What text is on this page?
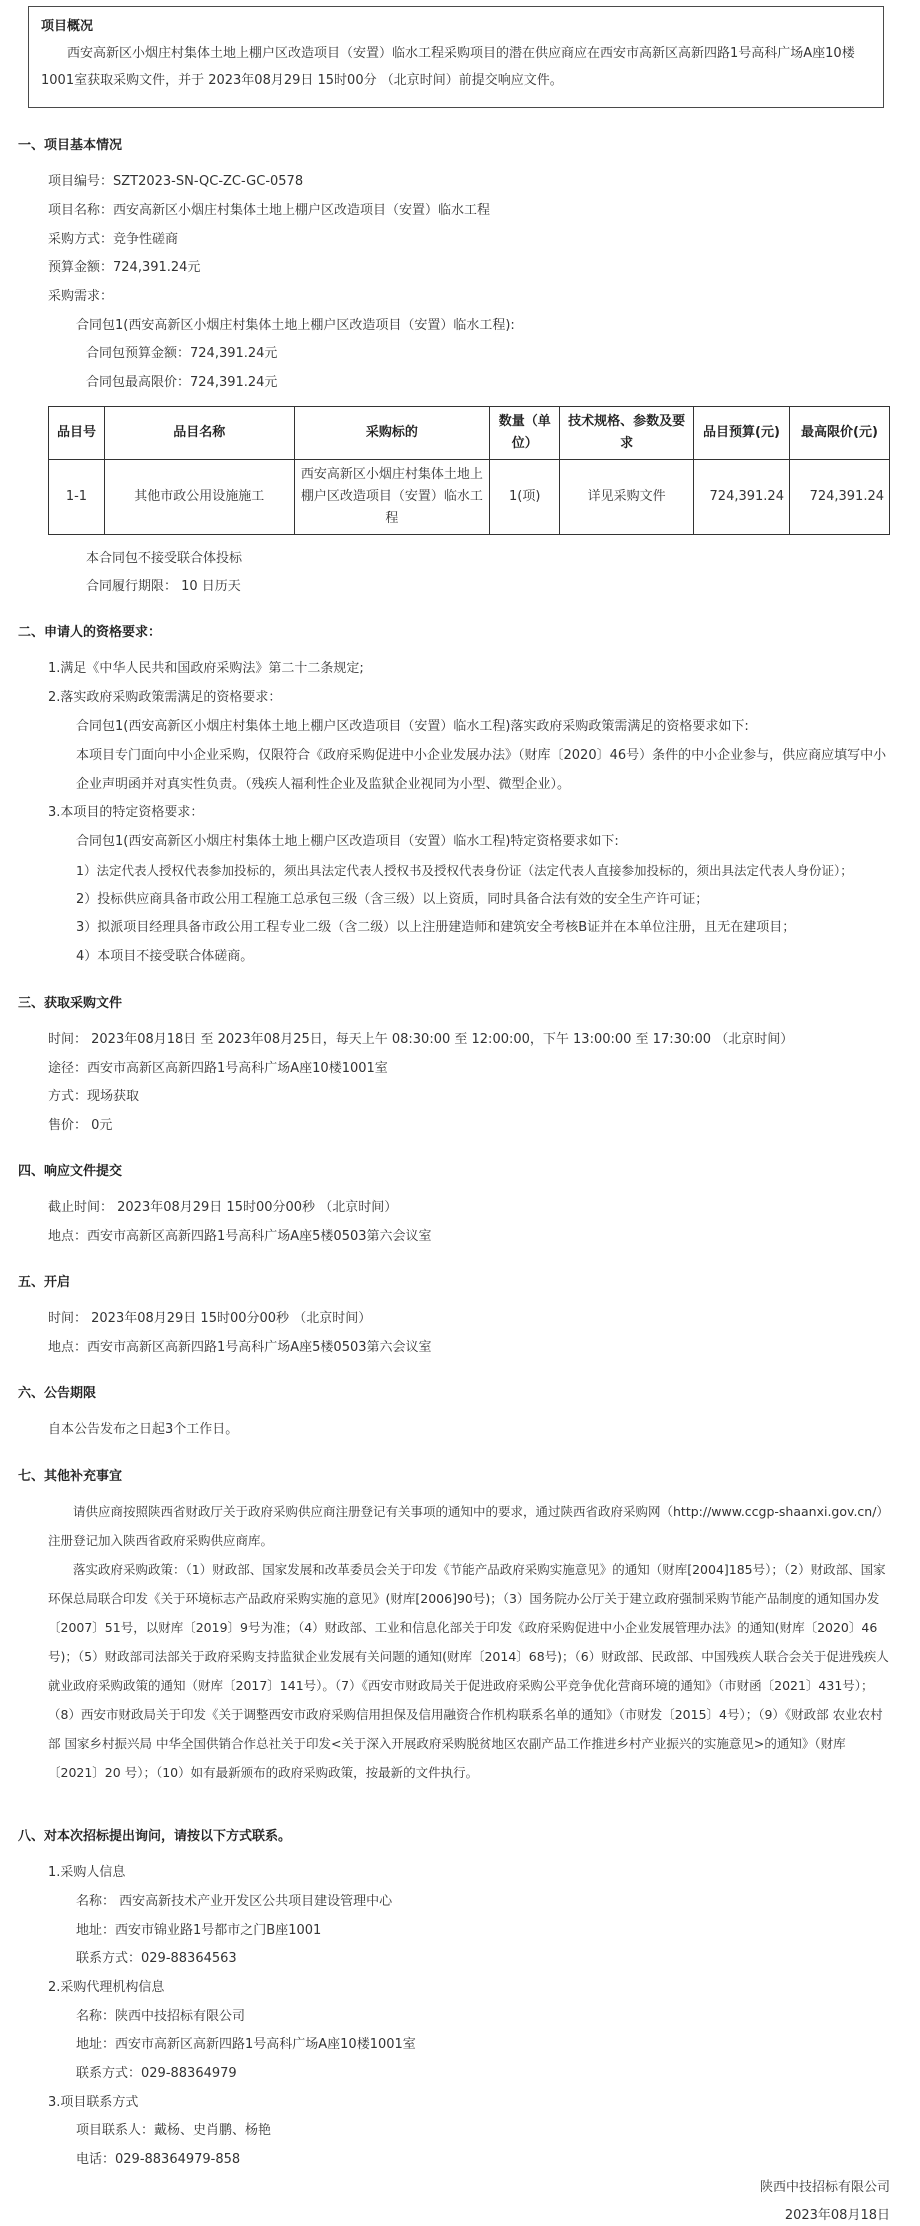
项目概况
西安高新区小烟庄村集体土地上棚户区改造项目（安置）临水工程采购项目的潜在供应商应在西安市高新区高新四路1号高科广场A座10楼1001室获取采购文件，并于 2023年08月29日 15时00分 （北京时间）前提交响应文件。
一、项目基本情况
项目编号：SZT2023-SN-QC-ZC-GC-0578
项目名称：西安高新区小烟庄村集体土地上棚户区改造项目（安置）临水工程
采购方式：竞争性磋商
预算金额：724,391.24元
采购需求：
合同包1(西安高新区小烟庄村集体土地上棚户区改造项目（安置）临水工程):
合同包预算金额：724,391.24元
合同包最高限价：724,391.24元
品目号	品目名称	采购标的	数量（单位）	技术规格、参数及要求	品目预算(元)	最高限价(元)
1-1	其他市政公用设施施工	西安高新区小烟庄村集体土地上棚户区改造项目（安置）临水工程	1(项)	详见采购文件	724,391.24	724,391.24
本合同包不接受联合体投标
合同履行期限： 10 日历天
二、申请人的资格要求：
1.满足《中华人民共和国政府采购法》第二十二条规定;
2.落实政府采购政策需满足的资格要求：
合同包1(西安高新区小烟庄村集体土地上棚户区改造项目（安置）临水工程)落实政府采购政策需满足的资格要求如下:
本项目专门面向中小企业采购，仅限符合《政府采购促进中小企业发展办法》（财库〔2020〕46号）条件的中小企业参与，供应商应填写中小企业声明函并对真实性负责。（残疾人福利性企业及监狱企业视同为小型、微型企业）。
3.本项目的特定资格要求：
合同包1(西安高新区小烟庄村集体土地上棚户区改造项目（安置）临水工程)特定资格要求如下:
1）法定代表人授权代表参加投标的，须出具法定代表人授权书及授权代表身份证（法定代表人直接参加投标的，须出具法定代表人身份证）；
2）投标供应商具备市政公用工程施工总承包三级（含三级）以上资质，同时具备合法有效的安全生产许可证；
3）拟派项目经理具备市政公用工程专业二级（含二级）以上注册建造师和建筑安全考核B证并在本单位注册，且无在建项目；
4）本项目不接受联合体磋商。
三、获取采购文件
时间： 2023年08月18日 至 2023年08月25日，每天上午 08:30:00 至 12:00:00，下午 13:00:00 至 17:30:00 （北京时间）
途径：西安市高新区高新四路1号高科广场A座10楼1001室
方式：现场获取
售价： 0元
四、响应文件提交
截止时间： 2023年08月29日 15时00分00秒 （北京时间）
地点：西安市高新区高新四路1号高科广场A座5楼0503第六会议室
五、开启
时间： 2023年08月29日 15时00分00秒 （北京时间）
地点：西安市高新区高新四路1号高科广场A座5楼0503第六会议室
六、公告期限
自本公告发布之日起3个工作日。
七、其他补充事宜
请供应商按照陕西省财政厅关于政府采购供应商注册登记有关事项的通知中的要求，通过陕西省政府采购网（http://www.ccgp-shaanxi.gov.cn/）注册登记加入陕西省政府采购供应商库。
落实政府采购政策：（1）财政部、国家发展和改革委员会关于印发《节能产品政府采购实施意见》的通知（财库[2004]185号）；（2）财政部、国家环保总局联合印发《关于环境标志产品政府采购实施的意见》(财库[2006]90号)；（3）国务院办公厅关于建立政府强制采购节能产品制度的通知国办发〔2007〕51号，以财库〔2019〕9号为准；（4）财政部、工业和信息化部关于印发《政府采购促进中小企业发展管理办法》的通知(财库〔2020〕46号)；（5）财政部司法部关于政府采购支持监狱企业发展有关问题的通知(财库〔2014〕68号)；（6）财政部、民政部、中国残疾人联合会关于促进残疾人就业政府采购政策的通知（财库〔2017〕141号）。（7）《西安市财政局关于促进政府采购公平竞争优化营商环境的通知》（市财函〔2021〕431号）；（8）西安市财政局关于印发《关于调整西安市政府采购信用担保及信用融资合作机构联系名单的通知》（市财发〔2015〕4号）；（9）《财政部 农业农村部 国家乡村振兴局 中华全国供销合作总社关于印发<关于深入开展政府采购脱贫地区农副产品工作推进乡村产业振兴的实施意见>的通知》（财库〔2021〕20 号）；（10）如有最新颁布的政府采购政策，按最新的文件执行。
八、对本次招标提出询问，请按以下方式联系。
1.采购人信息
名称： 西安高新技术产业开发区公共项目建设管理中心
地址：西安市锦业路1号都市之门B座1001
联系方式：029-88364563
2.采购代理机构信息
名称：陕西中技招标有限公司
地址：西安市高新区高新四路1号高科广场A座10楼1001室
联系方式：029-88364979
3.项目联系方式
项目联系人：戴杨、史肖鹏、杨艳
电话：029-88364979-858
陕西中技招标有限公司
2023年08月18日
